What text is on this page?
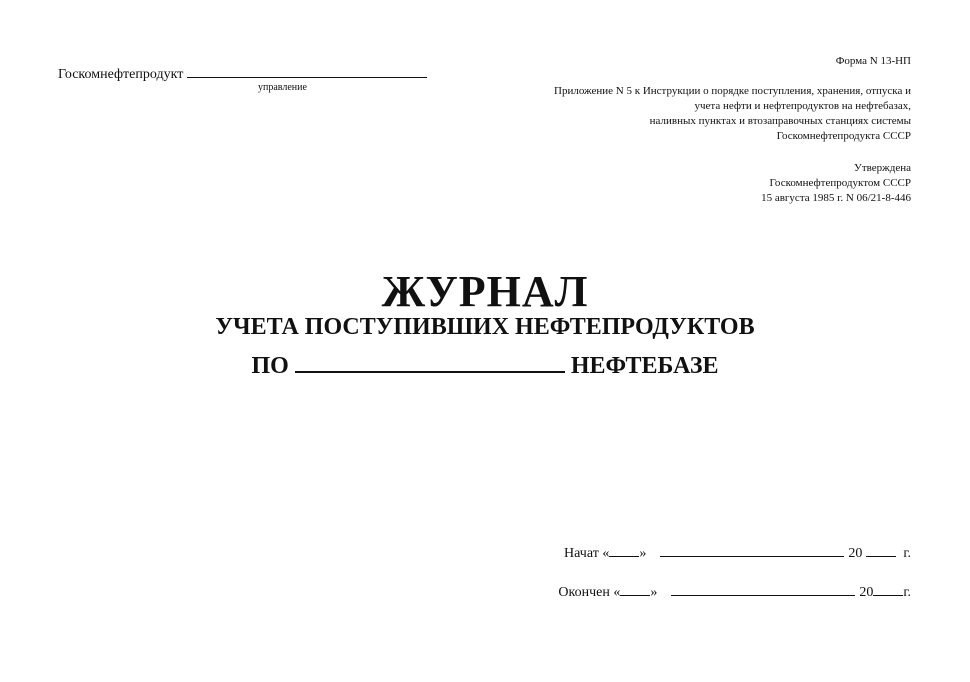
Госкомнефтепродукт
управление
Форма N 13-НП
Приложение N 5 к Инструкции о порядке поступления, хранения, отпуска и
учета нефти и нефтепродуктов на нефтебазах,
наливных пунктах и втозаправочных станциях системы
Госкомнефтепродукта СССР
Утверждена
Госкомнефтепродуктом СССР
15 августа 1985 г. N 06/21-8-446
ЖУРНАЛ
УЧЕТА ПОСТУПИВШИХ НЕФТЕПРОДУКТОВ
ПО	НЕФТЕБАЗЕ
Начат « »	20	г.
Окончен « »	20 г.
